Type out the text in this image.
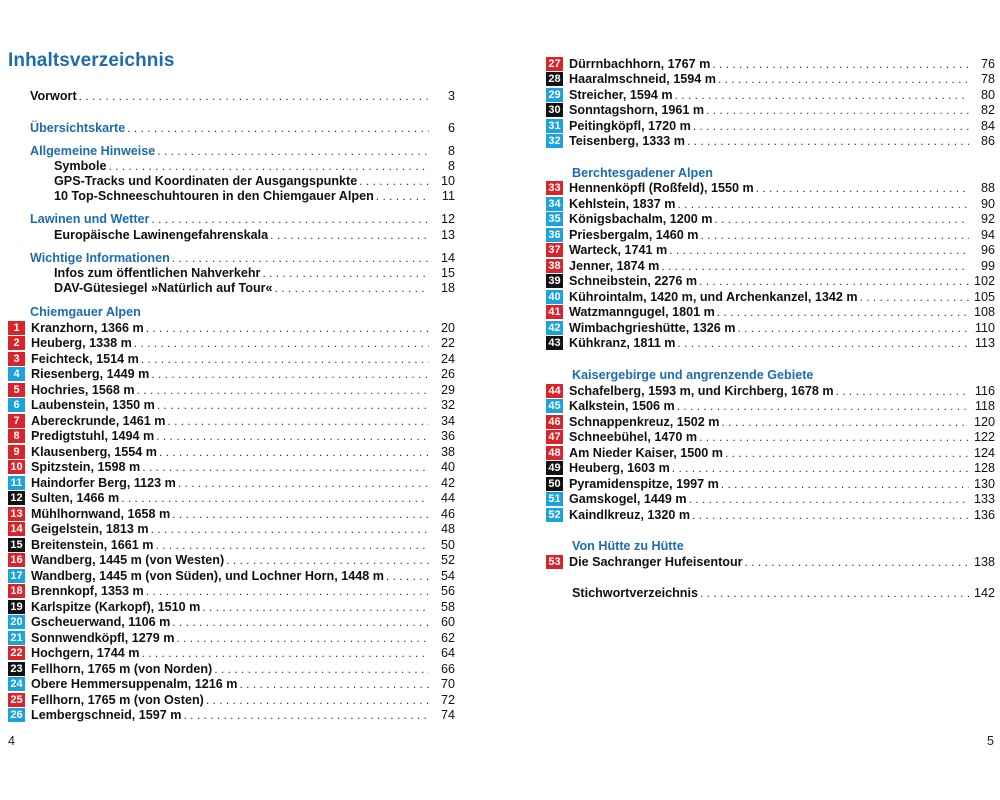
Inhaltsverzeichnis
Vorwort . . .	3
Übersichtskarte . . .	6
Allgemeine Hinweise . . .	8
Symbole . . .	8
GPS-Tracks und Koordinaten der Ausgangspunkte . . .	10
10 Top-Schneeschuhtouren in den Chiemgauer Alpen . . .	11
Lawinen und Wetter . . .	12
Europäische Lawinengefahrenskala . . .	13
Wichtige Informationen . . .	14
Infos zum öffentlichen Nahverkehr . . .	15
DAV-Gütesiegel »Natürlich auf Tour« . . .	18
Chiemgauer Alpen
1 Kranzhorn, 1366 m . . .	20
2 Heuberg, 1338 m . . .	22
3 Feichteck, 1514 m . . .	24
4 Riesenberg, 1449 m . . .	26
5 Hochries, 1568 m . . .	29
6 Laubenstein, 1350 m . . .	32
7 Abereckrunde, 1461 m . . .	34
8 Predigtstuhl, 1494 m . . .	36
9 Klausenberg, 1554 m . . .	38
10 Spitzstein, 1598 m . . .	40
11 Haindorfer Berg, 1123 m . . .	42
12 Sulten, 1466 m . . .	44
13 Mühlhornwand, 1658 m . . .	46
14 Geigelstein, 1813 m . . .	48
15 Breitenstein, 1661 m . . .	50
16 Wandberg, 1445 m (von Westen) . . .	52
17 Wandberg, 1445 m (von Süden), und Lochner Horn, 1448 m . . .	54
18 Brennkopf, 1353 m . . .	56
19 Karlspitze (Karkopf), 1510 m . . .	58
20 Gscheuerwand, 1106 m . . .	60
21 Sonnwendköpfl, 1279 m . . .	62
22 Hochgern, 1744 m . . .	64
23 Fellhorn, 1765 m (von Norden) . . .	66
24 Obere Hemmersuppenalm, 1216 m . . .	70
25 Fellhorn, 1765 m (von Osten) . . .	72
26 Lembergschneid, 1597 m . . .	74
4
27 Dürrnbachhorn, 1767 m . . .	76
28 Haaralmschneid, 1594 m . . .	78
29 Streicher, 1594 m . . .	80
30 Sonntagshorn, 1961 m . . .	82
31 Peitingköpfl, 1720 m . . .	84
32 Teisenberg, 1333 m . . .	86
Berchtesgadener Alpen
33 Hennenköpfl (Roßfeld), 1550 m . . .	88
34 Kehlstein, 1837 m . . .	90
35 Königsbachalm, 1200 m . . .	92
36 Priesbergalm, 1460 m . . .	94
37 Warteck, 1741 m . . .	96
38 Jenner, 1874 m . . .	99
39 Schneibstein, 2276 m . . .	102
40 Kührointalm, 1420 m, und Archenkanzel, 1342 m . . .	105
41 Watzmanngugel, 1801 m . . .	108
42 Wimbachgrieshütte, 1326 m . . .	110
43 Kühkranz, 1811 m . . .	113
Kaisergebirge und angrenzende Gebiete
44 Schafelberg, 1593 m, und Kirchberg, 1678 m . . .	116
45 Kalkstein, 1506 m . . .	118
46 Schnappenkreuz, 1502 m . . .	120
47 Schneebühel, 1470 m . . .	122
48 Am Nieder Kaiser, 1500 m . . .	124
49 Heuberg, 1603 m . . .	128
50 Pyramidenspitze, 1997 m . . .	130
51 Gamskogel, 1449 m . . .	133
52 Kaindlkreuz, 1320 m . . .	136
Von Hütte zu Hütte
53 Die Sachranger Hufeisentour . . .	138
Stichwortverzeichnis . . .	142
5
